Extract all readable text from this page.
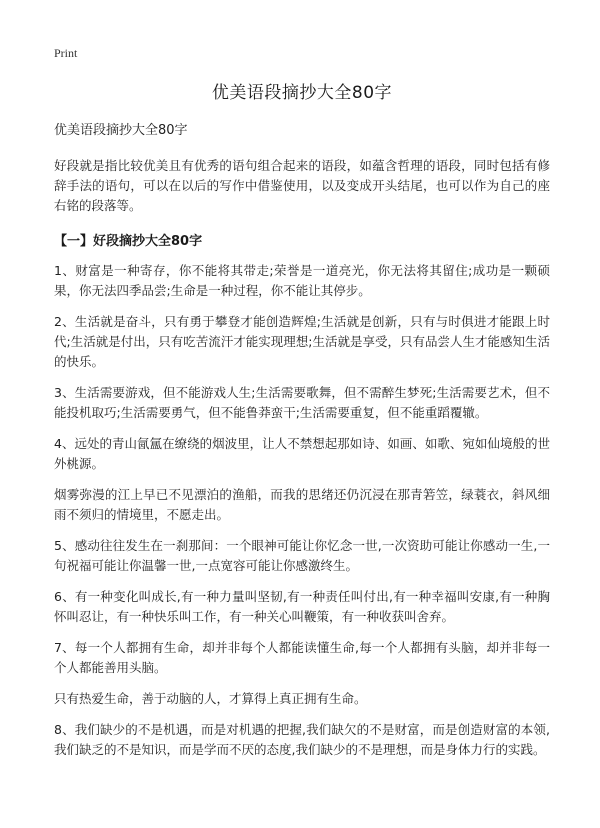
Print
优美语段摘抄大全80字

优美语段摘抄大全80字

好段就是指比较优美且有优秀的语句组合起来的语段，如蕴含哲理的语段，同时包括有修辞手法的语句，可以在以后的写作中借鉴使用，以及变成开头结尾，也可以作为自己的座右铭的段落等。

【一】好段摘抄大全80字

1、财富是一种寄存，你不能将其带走;荣誉是一道亮光，你无法将其留住;成功是一颗硕果，你无法四季品尝;生命是一种过程，你不能让其停步。

2、生活就是奋斗，只有勇于攀登才能创造辉煌;生活就是创新，只有与时俱进才能跟上时代;生活就是付出，只有吃苦流汗才能实现理想;生活就是享受，只有品尝人生才能感知生活的快乐。

3、生活需要游戏，但不能游戏人生;生活需要歌舞，但不需醉生梦死;生活需要艺术，但不能投机取巧;生活需要勇气，但不能鲁莽蛮干;生活需要重复，但不能重蹈覆辙。

4、远处的青山氤氲在缭绕的烟波里，让人不禁想起那如诗、如画、如歌、宛如仙境般的世外桃源。

烟雾弥漫的江上早已不见漂泊的渔船，而我的思绪还仍沉浸在那青箬笠，绿蓑衣，斜风细雨不须归的情境里，不愿走出。

5、感动往往发生在一刹那间：一个眼神可能让你忆念一世,一次资助可能让你感动一生,一句祝福可能让你温馨一世,一点宽容可能让你感激终生。

6、有一种变化叫成长,有一种力量叫坚韧,有一种责任叫付出,有一种幸福叫安康,有一种胸怀叫忍让，有一种快乐叫工作，有一种关心叫鞭策，有一种收获叫舍弃。

7、每一个人都拥有生命，却并非每个人都能读懂生命,每一个人都拥有头脑，却并非每一个人都能善用头脑。

只有热爱生命，善于动脑的人，才算得上真正拥有生命。

8、我们缺少的不是机遇，而是对机遇的把握,我们缺欠的不是财富，而是创造财富的本领,我们缺乏的不是知识，而是学而不厌的态度,我们缺少的不是理想，而是身体力行的实践。
